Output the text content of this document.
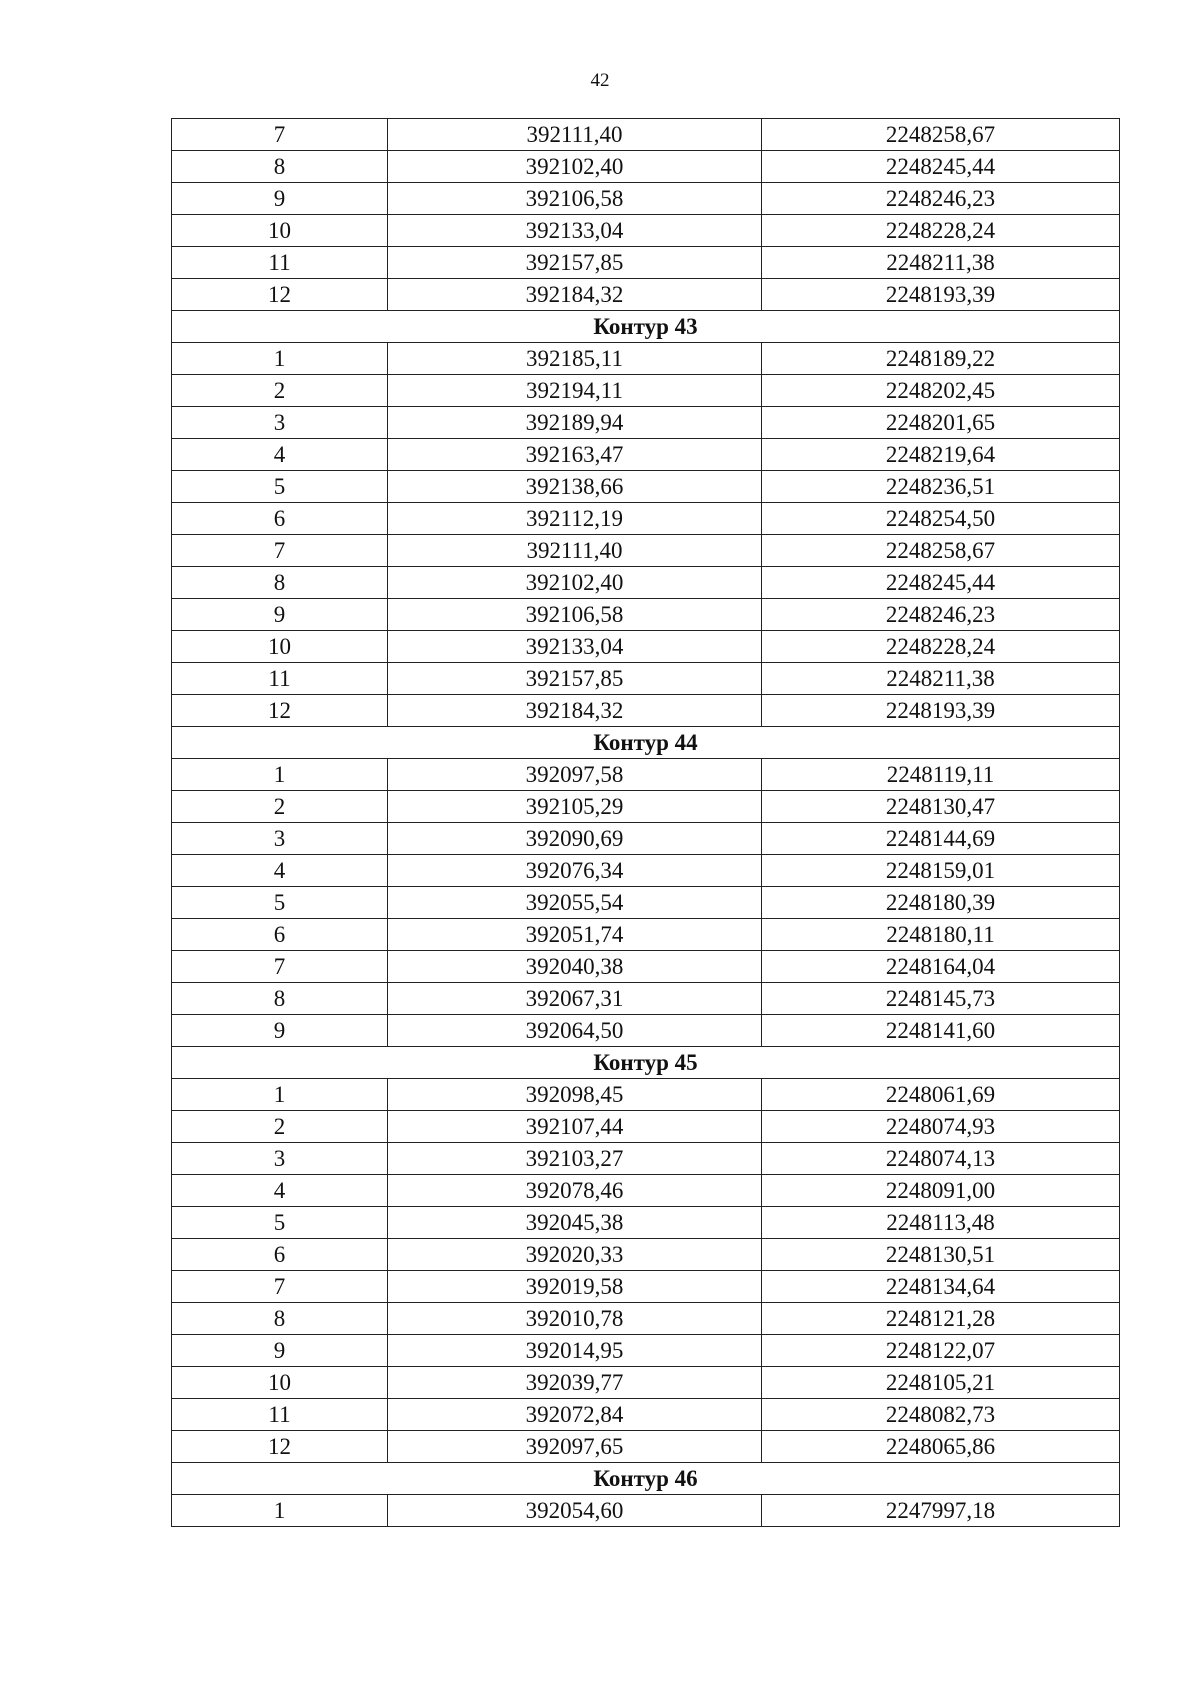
42
7	392111,40	2248258,67
8	392102,40	2248245,44
9	392106,58	2248246,23
10	392133,04	2248228,24
11	392157,85	2248211,38
12	392184,32	2248193,39
Контур 43		
1	392185,11	2248189,22
2	392194,11	2248202,45
3	392189,94	2248201,65
4	392163,47	2248219,64
5	392138,66	2248236,51
6	392112,19	2248254,50
7	392111,40	2248258,67
8	392102,40	2248245,44
9	392106,58	2248246,23
10	392133,04	2248228,24
11	392157,85	2248211,38
12	392184,32	2248193,39
Контур 44		
1	392097,58	2248119,11
2	392105,29	2248130,47
3	392090,69	2248144,69
4	392076,34	2248159,01
5	392055,54	2248180,39
6	392051,74	2248180,11
7	392040,38	2248164,04
8	392067,31	2248145,73
9	392064,50	2248141,60
Контур 45		
1	392098,45	2248061,69
2	392107,44	2248074,93
3	392103,27	2248074,13
4	392078,46	2248091,00
5	392045,38	2248113,48
6	392020,33	2248130,51
7	392019,58	2248134,64
8	392010,78	2248121,28
9	392014,95	2248122,07
10	392039,77	2248105,21
11	392072,84	2248082,73
12	392097,65	2248065,86
Контур 46		
1	392054,60	2247997,18
